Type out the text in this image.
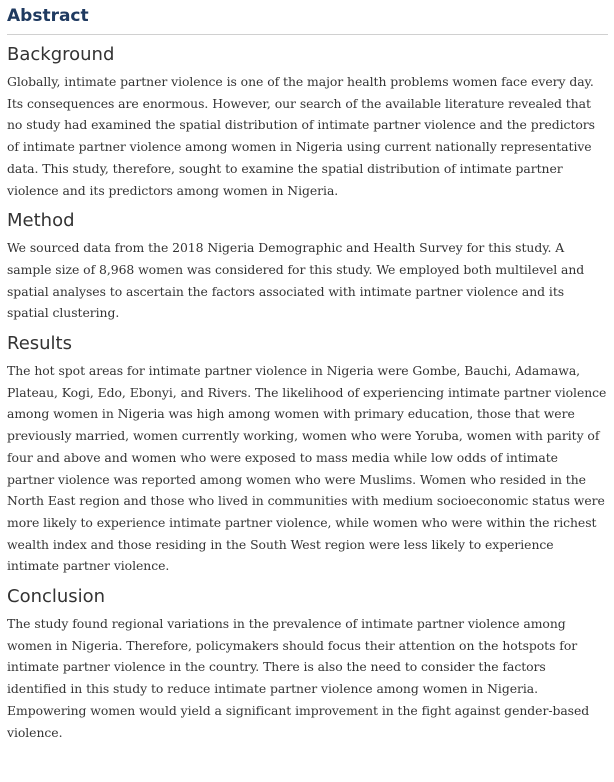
Abstract
Background

Globally, intimate partner violence is one of the major health problems women face every day. Its consequences are enormous. However, our search of the available literature revealed that no study had examined the spatial distribution of intimate partner violence and the predictors of intimate partner violence among women in Nigeria using current nationally representative data. This study, therefore, sought to examine the spatial distribution of intimate partner violence and its predictors among women in Nigeria.

Method

We sourced data from the 2018 Nigeria Demographic and Health Survey for this study. A sample size of 8,968 women was considered for this study. We employed both multilevel and spatial analyses to ascertain the factors associated with intimate partner violence and its spatial clustering.

Results

The hot spot areas for intimate partner violence in Nigeria were Gombe, Bauchi, Adamawa, Plateau, Kogi, Edo, Ebonyi, and Rivers. The likelihood of experiencing intimate partner violence among women in Nigeria was high among women with primary education, those that were previously married, women currently working, women who were Yoruba, women with parity of four and above and women who were exposed to mass media while low odds of intimate partner violence was reported among women who were Muslims. Women who resided in the North East region and those who lived in communities with medium socioeconomic status were more likely to experience intimate partner violence, while women who were within the richest wealth index and those residing in the South West region were less likely to experience intimate partner violence.

Conclusion

The study found regional variations in the prevalence of intimate partner violence among women in Nigeria. Therefore, policymakers should focus their attention on the hotspots for intimate partner violence in the country. There is also the need to consider the factors identified in this study to reduce intimate partner violence among women in Nigeria. Empowering women would yield a significant improvement in the fight against gender-based violence.
